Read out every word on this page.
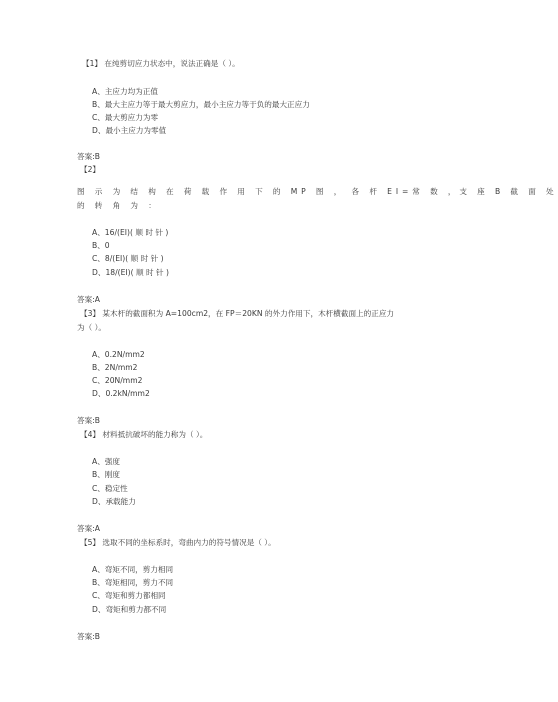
【1】 在纯剪切应力状态中，说法正确是（ ）。
A、主应力均为正值
B、最大主应力等于最大剪应力，最小主应力等于负的最大正应力
C、最大剪应力为零
D、最小主应力为零值
答案:B
【2】
图 示 为 结 构 在 荷 载 作 用 下 的 MP 图 ， 各 杆 EI=常 数 ，支 座 B 截 面 处
的 转 角 为 ：
A、16/(EI)( 顺 时 针 )
B、0
C、8/(EI)( 顺 时 针 )
D、18/(EI)( 顺 时 针 )
答案:A
【3】 某木杆的截面积为 A=100cm2，在 FP＝20KN 的外力作用下，木杆横截面上的正应力
为（ ）。
A、0.2N/mm2
B、2N/mm2
C、20N/mm2
D、0.2kN/mm2
答案:B
【4】 材料抵抗破坏的能力称为（ ）。
A、强度
B、刚度
C、稳定性
D、承载能力
答案:A
【5】 选取不同的坐标系时，弯曲内力的符号情况是（ ）。
A、弯矩不同，剪力相同
B、弯矩相同，剪力不同
C、弯矩和剪力都相同
D、弯矩和剪力都不同
答案:B
